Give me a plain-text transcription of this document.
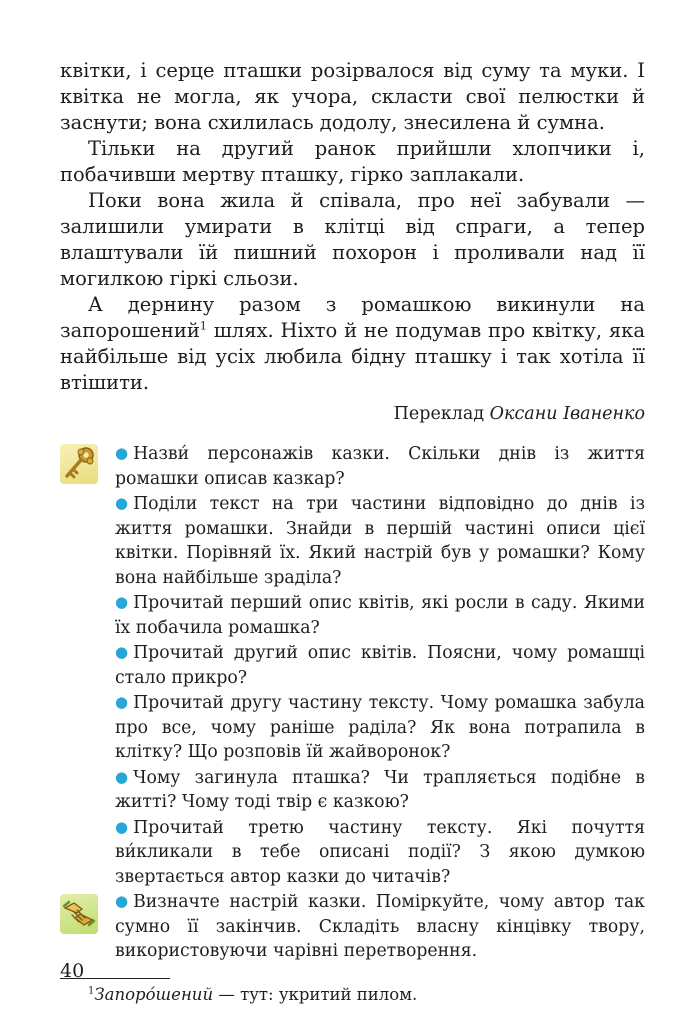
квітки, і серце пташки розірвалося від суму та муки. І квітка не могла, як учора, скласти свої пелюстки й заснути; вона схилилась додолу, знесилена й сумна.

Тільки на другий ранок прийшли хлопчики і, побачивши мертву пташку, гірко заплакали.

Поки вона жила й співала, про неї забували — залишили умирати в клітці від спраги, а тепер влаштували їй пишний похорон і проливали над її могилкою гіркі сльози.

А дернину разом з ромашкою викинули на запорошений$^1$ шлях. Ніхто й не подумав про квітку, яка найбільше від усіх любила бідну пташку і так хотіла її втішити.

Переклад Оксани Іваненко

● Назви́ персонажів казки. Скільки днів із життя ромашки описав казкар?

● Поділи текст на три частини відповідно до днів із життя ромашки. Знайди в першій частині описи цієї квітки. Порівняй їх. Який настрій був у ромашки? Кому вона найбільше зраділа?

● Прочитай перший опис квітів, які росли в саду. Якими їх побачила ромашка?

● Прочитай другий опис квітів. Поясни, чому ромашці стало прикро?

● Прочитай другу частину тексту. Чому ромашка забула про все, чому раніше раділа? Як вона потрапила в клітку? Що розповів їй жайворонок?

● Чому загинула пташка? Чи трапляється подібне в житті? Чому тоді твір є казкою?

● Прочитай третю частину тексту. Які почуття ви́кликали в тебе описані події? З якою думкою звертається автор казки до читачів?

● Визначте настрій казки. Поміркуйте, чому автор так сумно її закінчив. Складіть власну кінцівку твору, використовуючи чарівні перетворення.

$^1$Запоро́шений — тут: укритий пилом.

40
